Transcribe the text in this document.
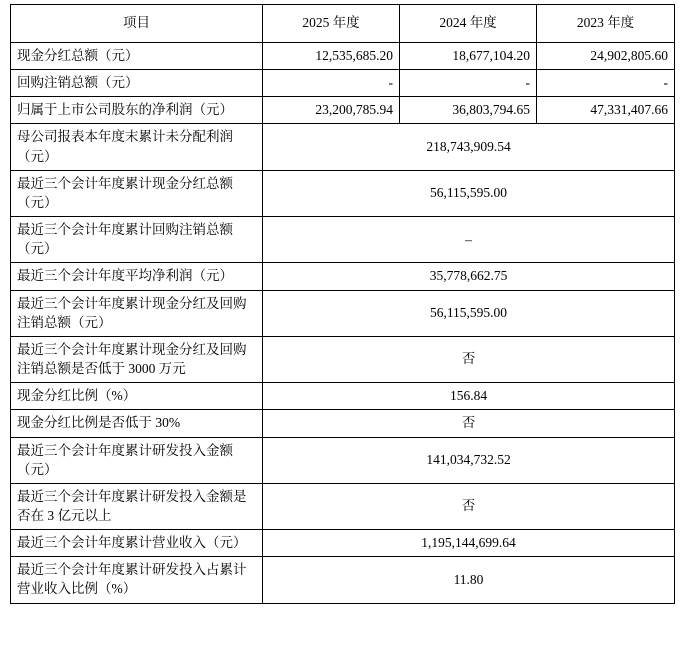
项目	2025 年度	2024 年度	2023 年度
现金分红总额（元）	12,535,685.20	18,677,104.20	24,902,805.60
回购注销总额（元）	-	-	-
归属于上市公司股东的净利润（元）	23,200,785.94	36,803,794.65	47,331,407.66
母公司报表本年度末累计未分配利润（元）	218,743,909.54		
最近三个会计年度累计现金分红总额（元）	56,115,595.00		
最近三个会计年度累计回购注销总额（元）	–		
最近三个会计年度平均净利润（元）	35,778,662.75		
最近三个会计年度累计现金分红及回购注销总额（元）	56,115,595.00		
最近三个会计年度累计现金分红及回购注销总额是否低于 3000 万元	否		
现金分红比例（%）	156.84		
现金分红比例是否低于 30%	否		
最近三个会计年度累计研发投入金额（元）	141,034,732.52		
最近三个会计年度累计研发投入金额是否在 3 亿元以上	否		
最近三个会计年度累计营业收入（元）	1,195,144,699.64		
最近三个会计年度累计研发投入占累计营业收入比例（%）	11.80		
